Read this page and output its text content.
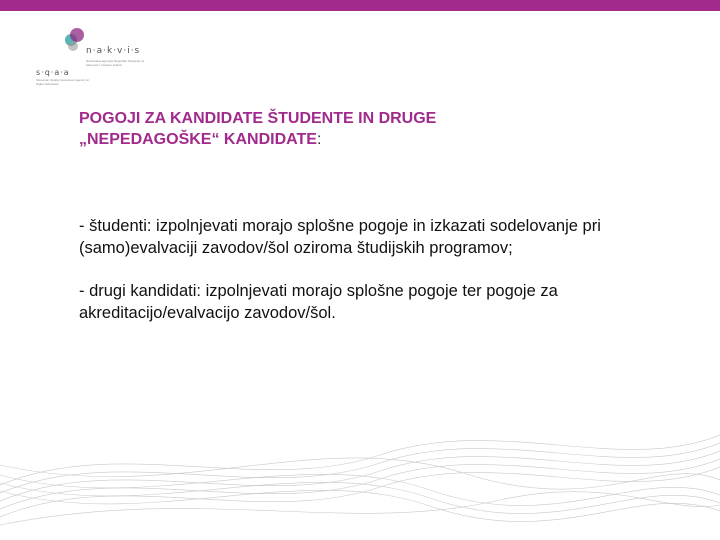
n·a·k·v·i·s

Nacionalna agencija Republike Slovenije za kakovost v visokem šolstvu

s·q·a·a

Slovenian Quality Assurance Agency for Higher Education

POGOJI ZA KANDIDATE ŠTUDENTE IN DRUGE
„NEPEDAGOŠKE“ KANDIDATE:

- študenti: izpolnjevati morajo splošne pogoje in izkazati sodelovanje pri (samo)evalvaciji zavodov/šol oziroma študijskih programov;

- drugi kandidati: izpolnjevati morajo splošne pogoje ter pogoje za akreditacijo/evalvacijo zavodov/šol.
